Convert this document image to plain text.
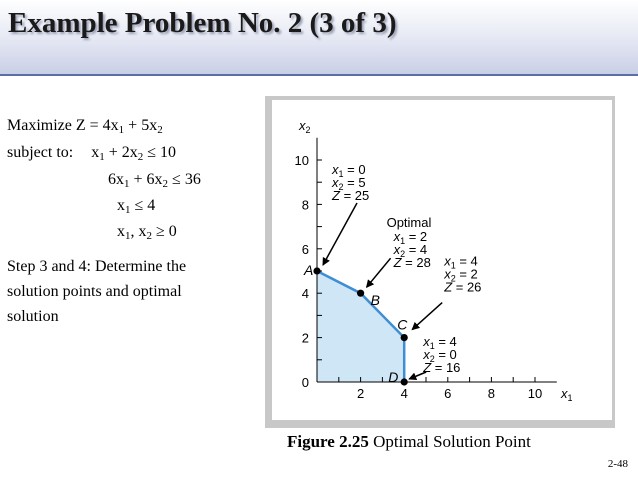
Example Problem No. 2 (3 of 3)
Maximize $Z = 4x_1 + 5x_2$
subject to: $x_1 + 2x_2 \le 10$
$6x_1 + 6x_2 \le 36$
$x_1 \le 4$
$x_1$, $x_2 \ge 0$
Step 3 and 4: Determine the
solution points and optimal
solution
2	4	6	8	10
2
4
6
8
10
0
$x_2$
$x_1$
A
$x_1 = 0$
$x_2 = 5$
Z = 25
B
Optimal
$x_1 = 2$
$x_2 = 4$
Z = 28
C
$x_1 = 4$
$x_2 = 2$
Z = 26
D
$x_1 = 4$
$x_2 = 0$
Z = 16
Figure 2.25 Optimal Solution Point
2-48
